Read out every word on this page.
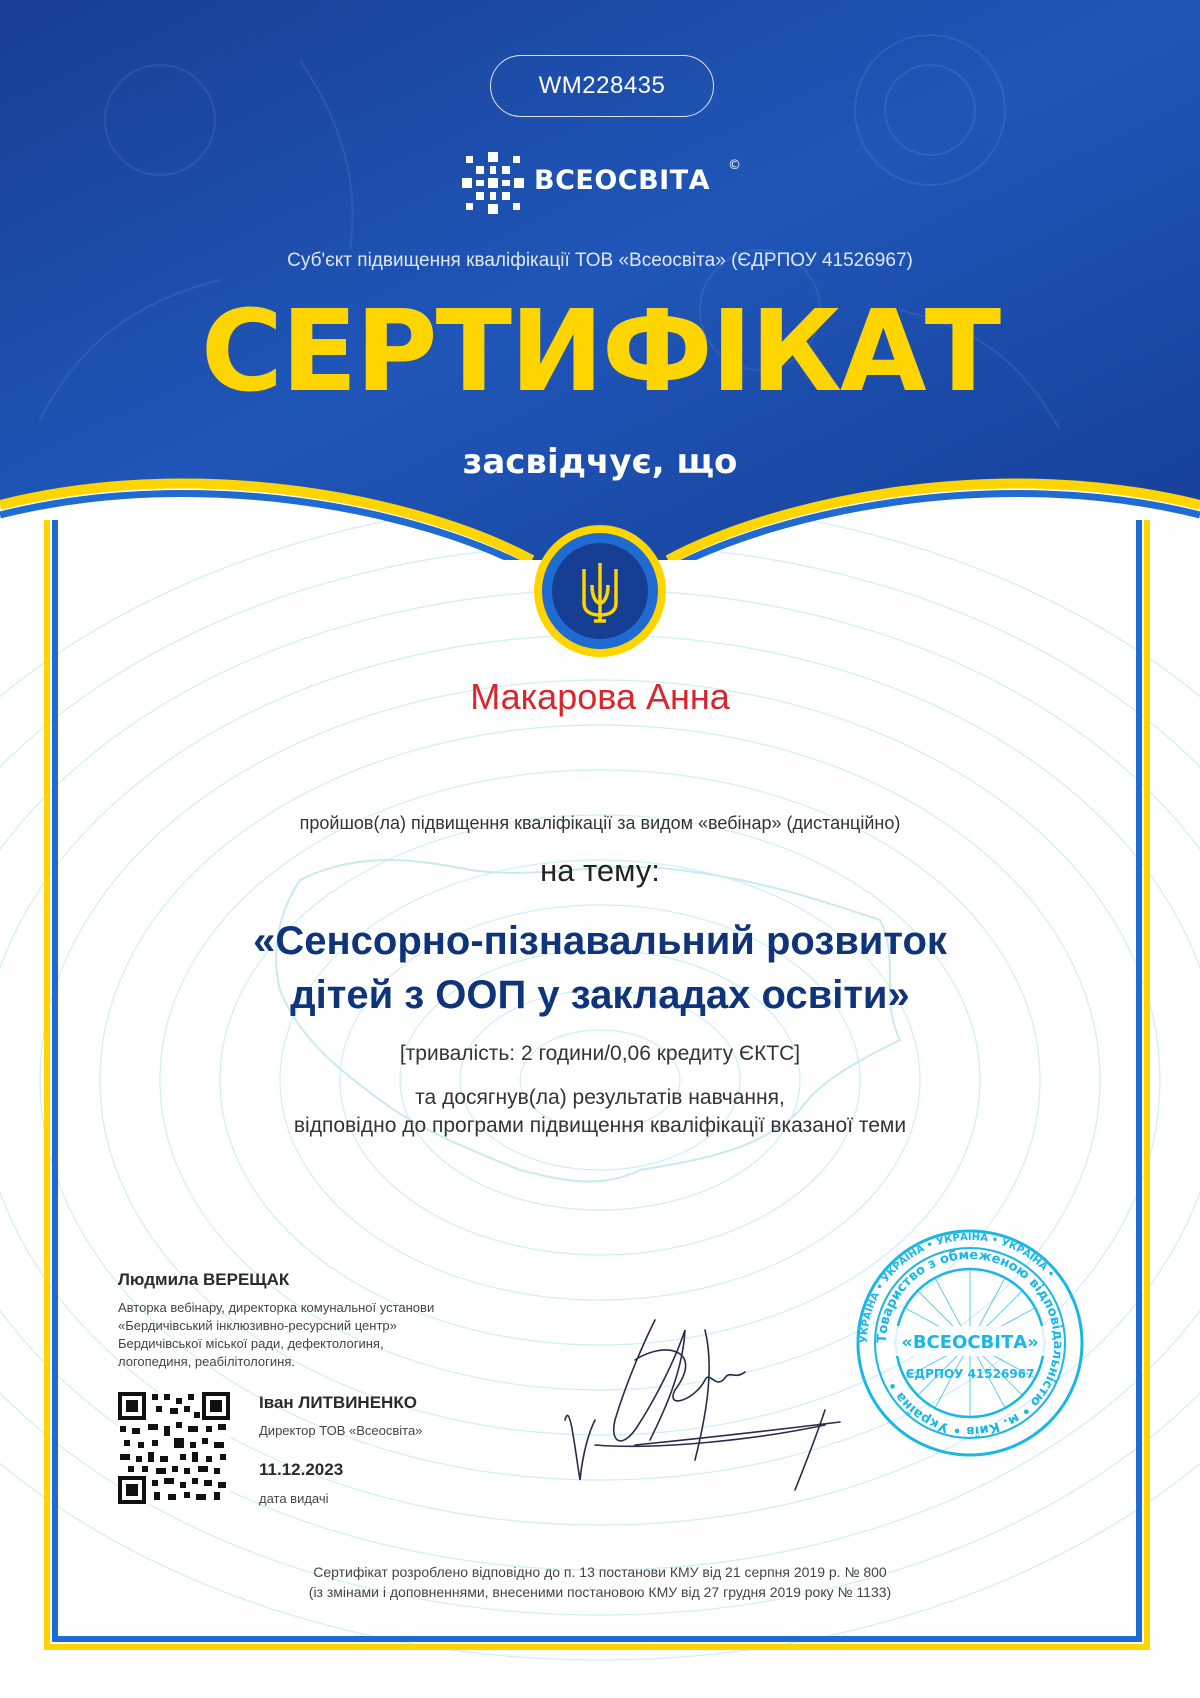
WM228435
ВСЕОСВІТА ©
Суб'єкт підвищення кваліфікації ТОВ «Всеосвіта» (ЄДРПОУ 41526967)
СЕРТИФІКАТ
засвідчує, що
Макарова Анна
пройшов(ла) підвищення кваліфікації за видом «вебінар» (дистанційно)
на тему:
«Сенсорно-пізнавальний розвиток
дітей з ООП у закладах освіти»
[тривалість: 2 години/0,06 кредиту ЄКТС]
та досягнув(ла) результатів навчання,
відповідно до програми підвищення кваліфікації вказаної теми
Людмила ВЕРЕЩАК
Авторка вебінару, директорка комунальної установи
«Бердичівський інклюзивно-ресурсний центр»
Бердичівської міської ради, дефектологиня,
логопединя, реабілітологиня.
Іван ЛИТВИНЕНКО
Директор ТОВ «Всеосвіта»
11.12.2023
дата видачі
УКРАЇНА • УКРАЇНА • УКРАЇНА • УКРАЇНА •
Товариство з обмеженою відповідальністю • м. Київ • Україна •
«ВСЕОСВІТА»
ЄДРПОУ 41526967
Сертифікат розроблено відповідно до п. 13 постанови КМУ від 21 серпня 2019 р. № 800
(із змінами і доповненнями, внесеними постановою КМУ від 27 грудня 2019 року № 1133)
